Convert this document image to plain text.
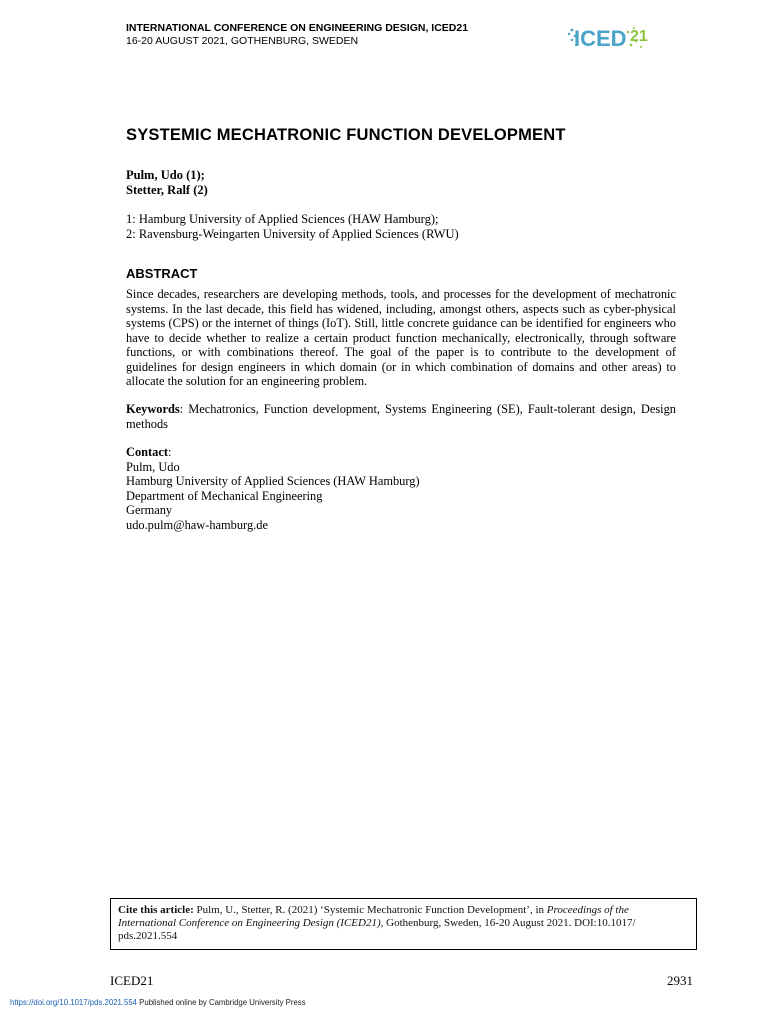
INTERNATIONAL CONFERENCE ON ENGINEERING DESIGN, ICED21
16-20 AUGUST 2021, GOTHENBURG, SWEDEN	ICED 21
SYSTEMIC MECHATRONIC FUNCTION DEVELOPMENT
Pulm, Udo (1);
Stetter, Ralf (2)
1: Hamburg University of Applied Sciences (HAW Hamburg);
2: Ravensburg-Weingarten University of Applied Sciences (RWU)
ABSTRACT
Since decades, researchers are developing methods, tools, and processes for the development of mechatronic systems. In the last decade, this field has widened, including, amongst others, aspects such as cyber-physical systems (CPS) or the internet of things (IoT). Still, little concrete guidance can be identified for engineers who have to decide whether to realize a certain product function mechanically, electronically, through software functions, or with combinations thereof. The goal of the paper is to contribute to the development of guidelines for design engineers in which domain (or in which combination of domains and other areas) to allocate the solution for an engineering problem.
Keywords: Mechatronics, Function development, Systems Engineering (SE), Fault-tolerant design, Design methods
Contact:
Pulm, Udo
Hamburg University of Applied Sciences (HAW Hamburg)
Department of Mechanical Engineering
Germany
udo.pulm@haw-hamburg.de
Cite this article: Pulm, U., Stetter, R. (2021) ‘Systemic Mechatronic Function Development’, in Proceedings of the International Conference on Engineering Design (ICED21), Gothenburg, Sweden, 16-20 August 2021. DOI:10.1017/ pds.2021.554
ICED21	2931
https://doi.org/10.1017/pds.2021.554 Published online by Cambridge University Press
